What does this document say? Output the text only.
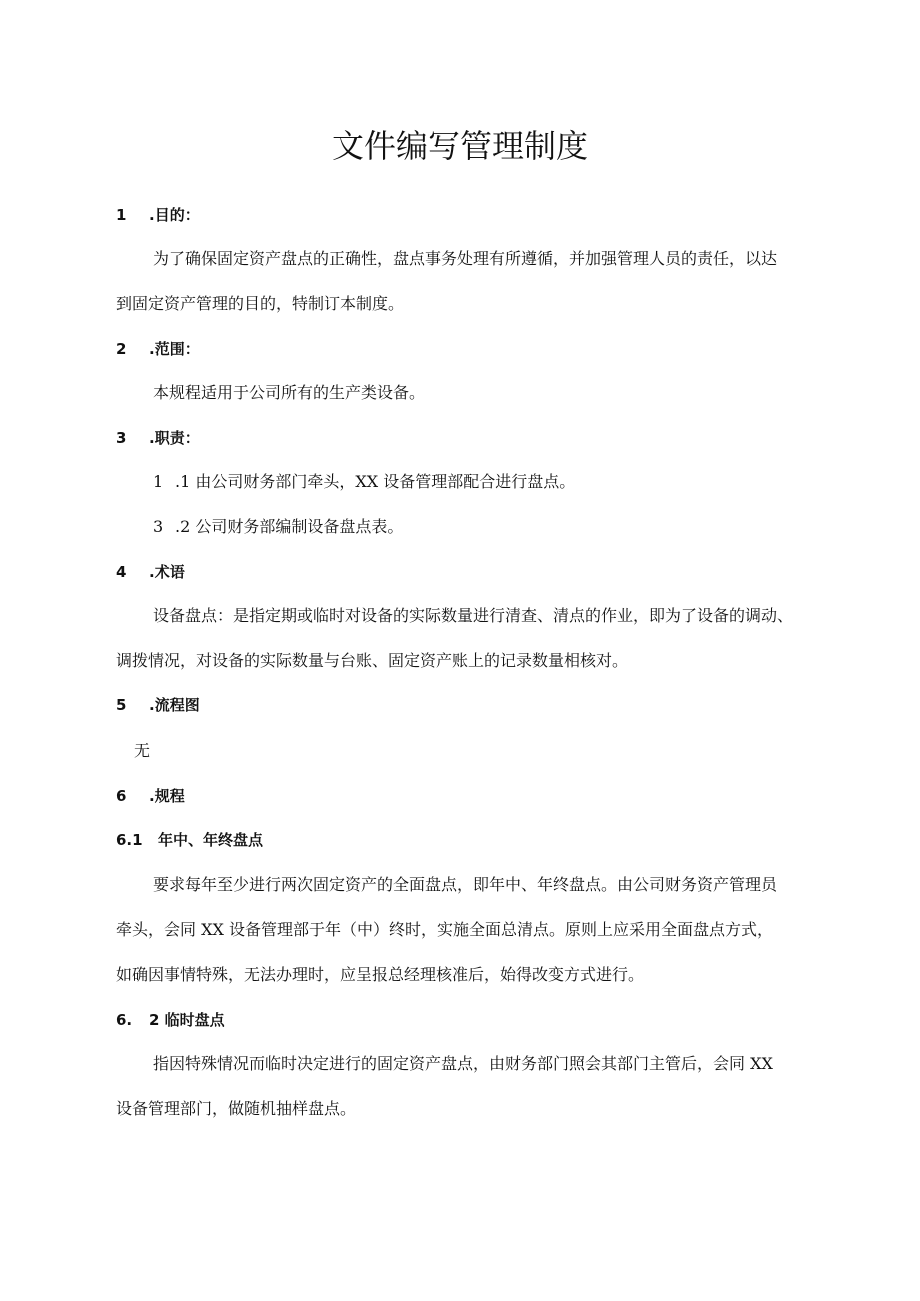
文件编写管理制度
1 .目的：
为了确保固定资产盘点的正确性，盘点事务处理有所遵循，并加强管理人员的责任，以达
到固定资产管理的目的，特制订本制度。
2 .范围：
本规程适用于公司所有的生产类设备。
3 .职责：
1 .1 由公司财务部门牵头，XX 设备管理部配合进行盘点。
3 .2 公司财务部编制设备盘点表。
4 .术语
设备盘点：是指定期或临时对设备的实际数量进行清查、清点的作业，即为了设备的调动、
调拨情况，对设备的实际数量与台账、固定资产账上的记录数量相核对。
5 .流程图
无
6 .规程
6.1 年中、年终盘点
要求每年至少进行两次固定资产的全面盘点，即年中、年终盘点。由公司财务资产管理员
牵头，会同 XX 设备管理部于年（中）终时，实施全面总清点。原则上应采用全面盘点方式，
如确因事情特殊，无法办理时，应呈报总经理核准后，始得改变方式进行。
6. 2 临时盘点
指因特殊情况而临时决定进行的固定资产盘点，由财务部门照会其部门主管后，会同 XX
设备管理部门，做随机抽样盘点。
